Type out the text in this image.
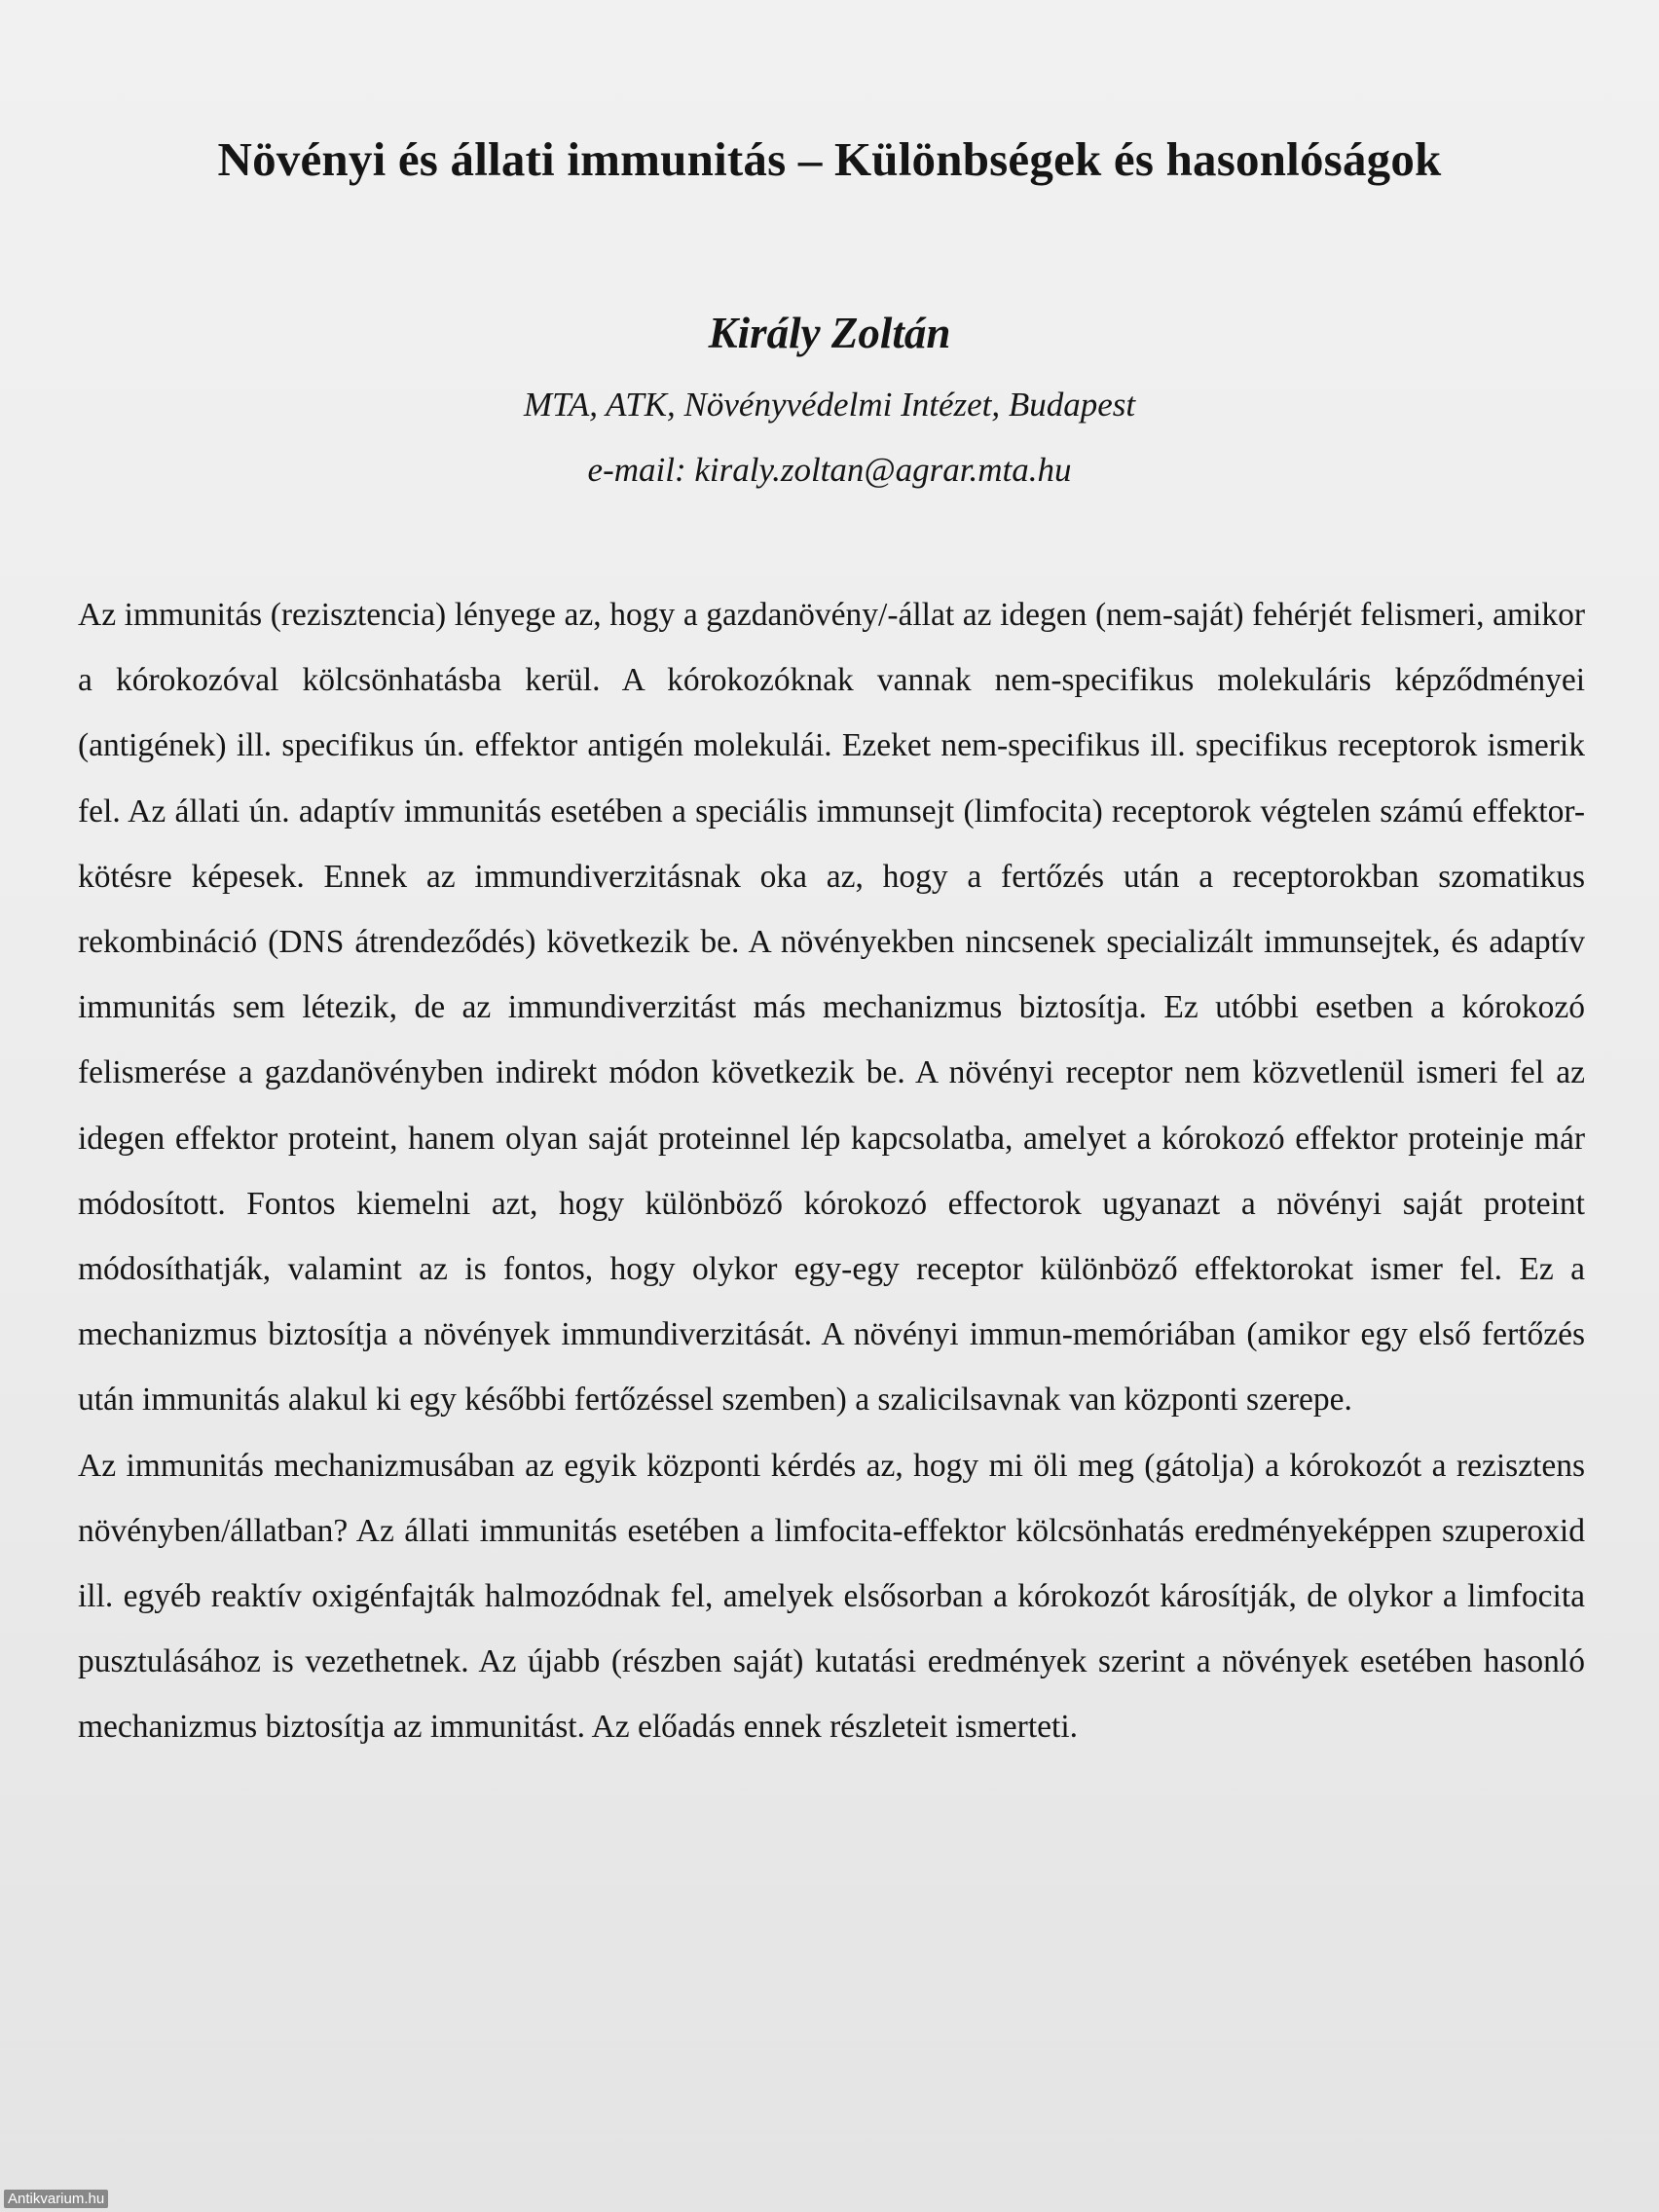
Növényi és állati immunitás – Különbségek és hasonlóságok
Király Zoltán
MTA, ATK, Növényvédelmi Intézet, Budapest
e-mail: kiraly.zoltan@agrar.mta.hu

Az immunitás (rezisztencia) lényege az, hogy a gazdanövény/-állat az idegen (nem-saját) fehérjét felismeri, amikor a kórokozóval kölcsönhatásba kerül. A kórokozóknak vannak nem-specifikus molekuláris képződményei (antigének) ill. specifikus ún. effektor antigén molekulái. Ezeket nem-specifikus ill. specifikus receptorok ismerik fel. Az állati ún. adaptív immunitás esetében a speciális immunsejt (limfocita) receptorok végtelen számú effektor-kötésre képesek. Ennek az immundiverzitásnak oka az, hogy a fertőzés után a receptorokban szomatikus rekombináció (DNS átrendeződés) következik be. A növényekben nincsenek specializált immunsejtek, és adaptív immunitás sem létezik, de az immundiverzitást más mechanizmus biztosítja. Ez utóbbi esetben a kórokozó felismerése a gazdanövényben indirekt módon következik be. A növényi receptor nem közvetlenül ismeri fel az idegen effektor proteint, hanem olyan saját proteinnel lép kapcsolatba, amelyet a kórokozó effektor proteinje már módosított. Fontos kiemelni azt, hogy különböző kórokozó effectorok ugyanazt a növényi saját proteint módosíthatják, valamint az is fontos, hogy olykor egy-egy receptor különböző effektorokat ismer fel. Ez a mechanizmus biztosítja a növények immundiverzitását. A növényi immun-memóriában (amikor egy első fertőzés után immunitás alakul ki egy későbbi fertőzéssel szemben) a szalicilsavnak van központi szerepe.

Az immunitás mechanizmusában az egyik központi kérdés az, hogy mi öli meg (gátolja) a kórokozót a rezisztens növényben/állatban? Az állati immunitás esetében a limfocita-effektor kölcsönhatás eredményeképpen szuperoxid ill. egyéb reaktív oxigénfajták halmozódnak fel, amelyek elsősorban a kórokozót károsítják, de olykor a limfocita pusztulásához is vezethetnek. Az újabb (részben saját) kutatási eredmények szerint a növények esetében hasonló mechanizmus biztosítja az immunitást. Az előadás ennek részleteit ismerteti.

Antikvarium.hu
